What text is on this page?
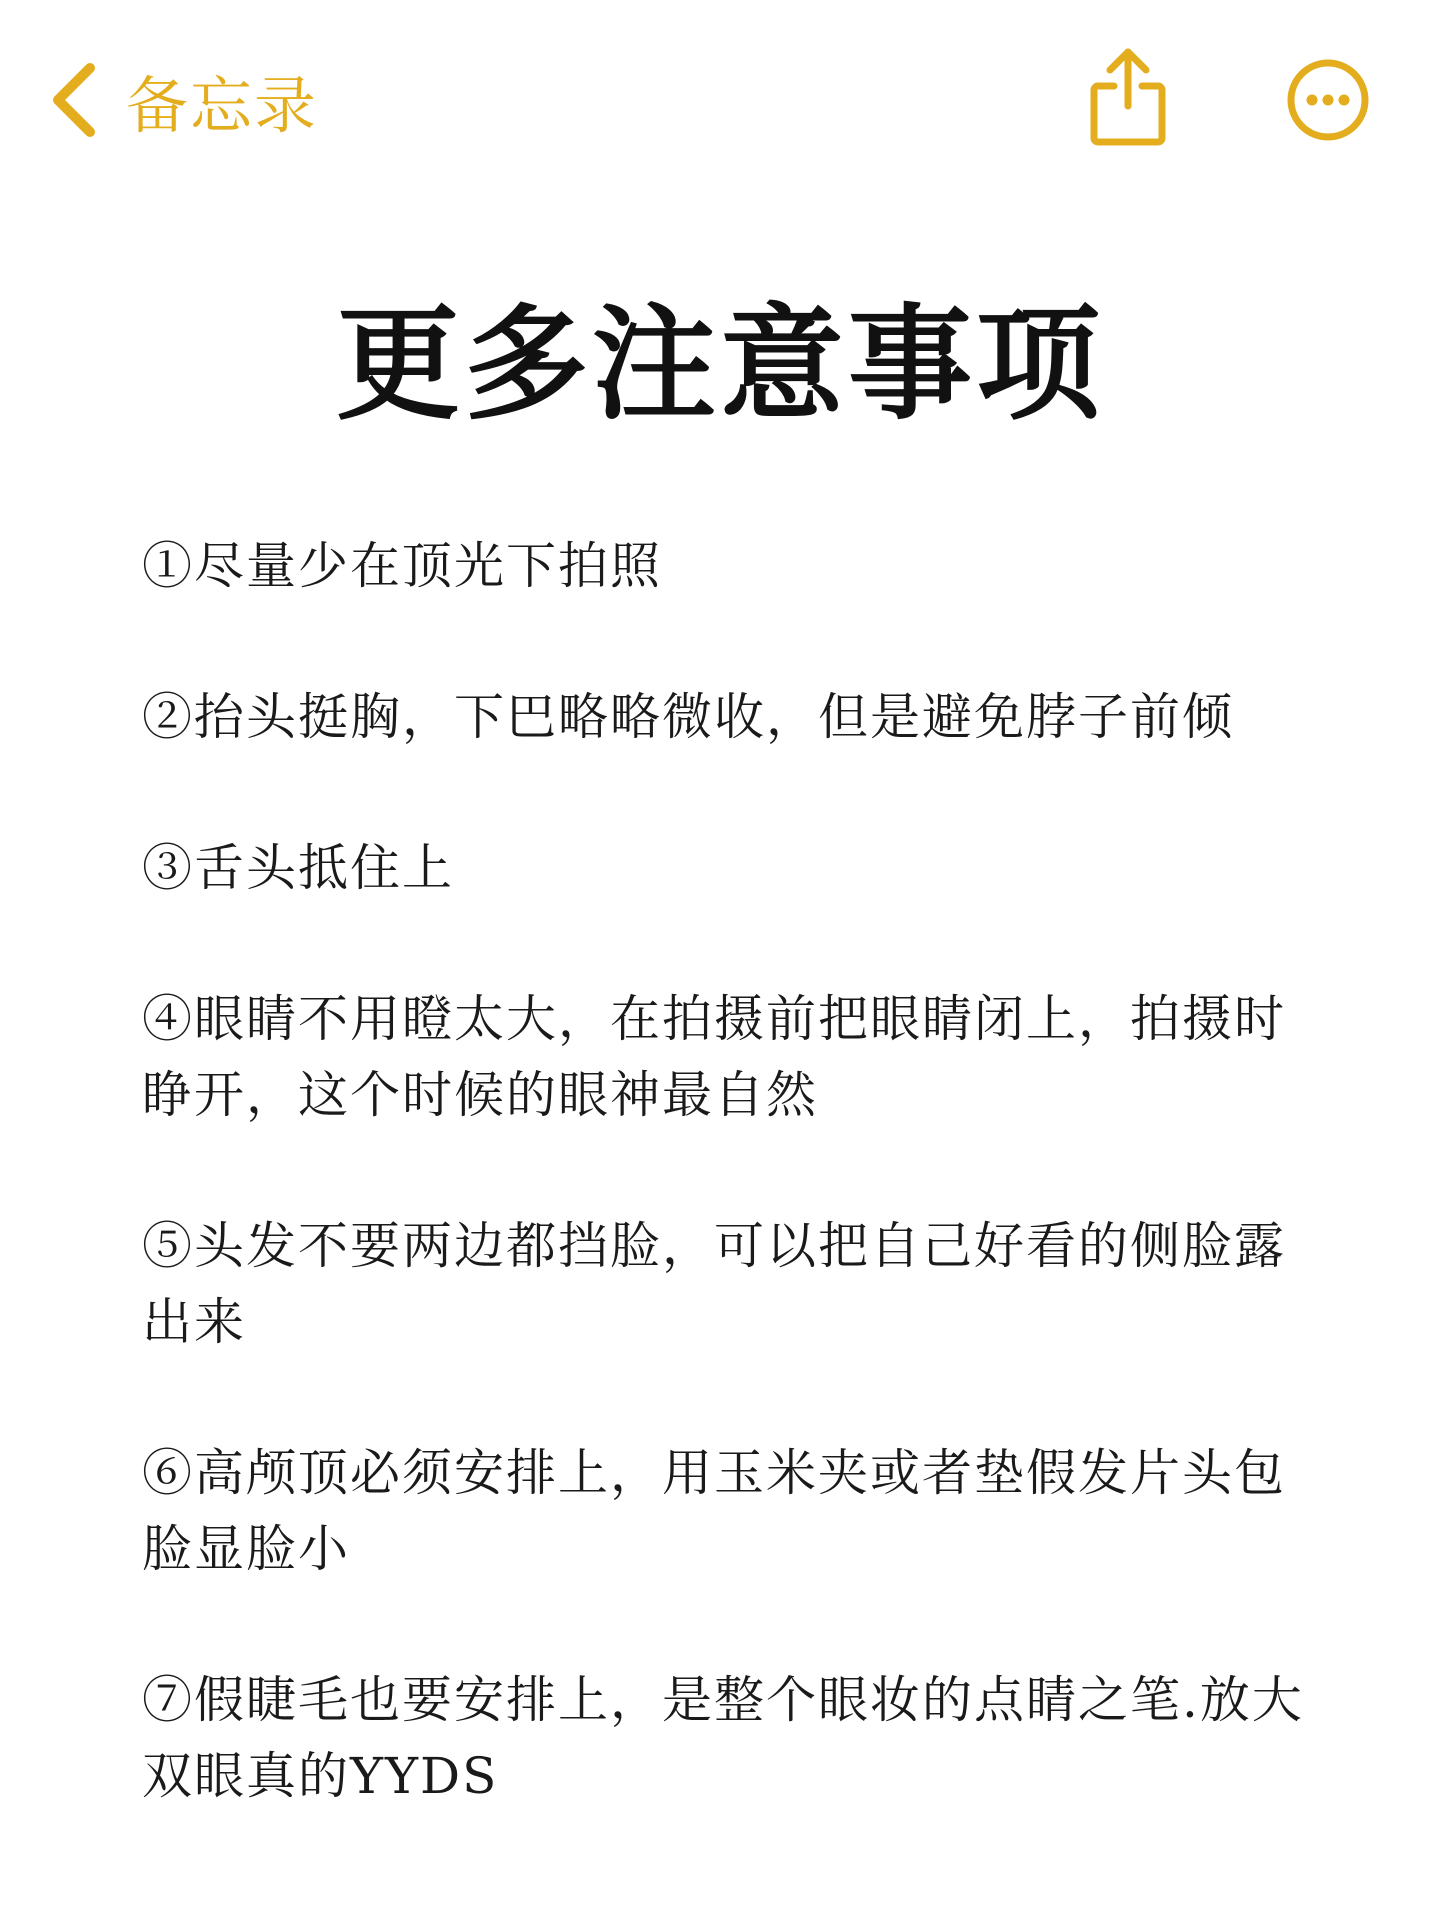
备忘录
更多注意事项
①尽量少在顶光下拍照
②抬头挺胸，下巴略略微收，但是避免脖子前倾
③舌头抵住上
④眼睛不用瞪太大，在拍摄前把眼睛闭上，拍摄时睁开，这个时候的眼神最自然
⑤头发不要两边都挡脸，可以把自己好看的侧脸露出来
⑥高颅顶必须安排上，用玉米夹或者垫假发片头包脸显脸小
⑦假睫毛也要安排上，是整个眼妆的点睛之笔.放大双眼真的YYDS
